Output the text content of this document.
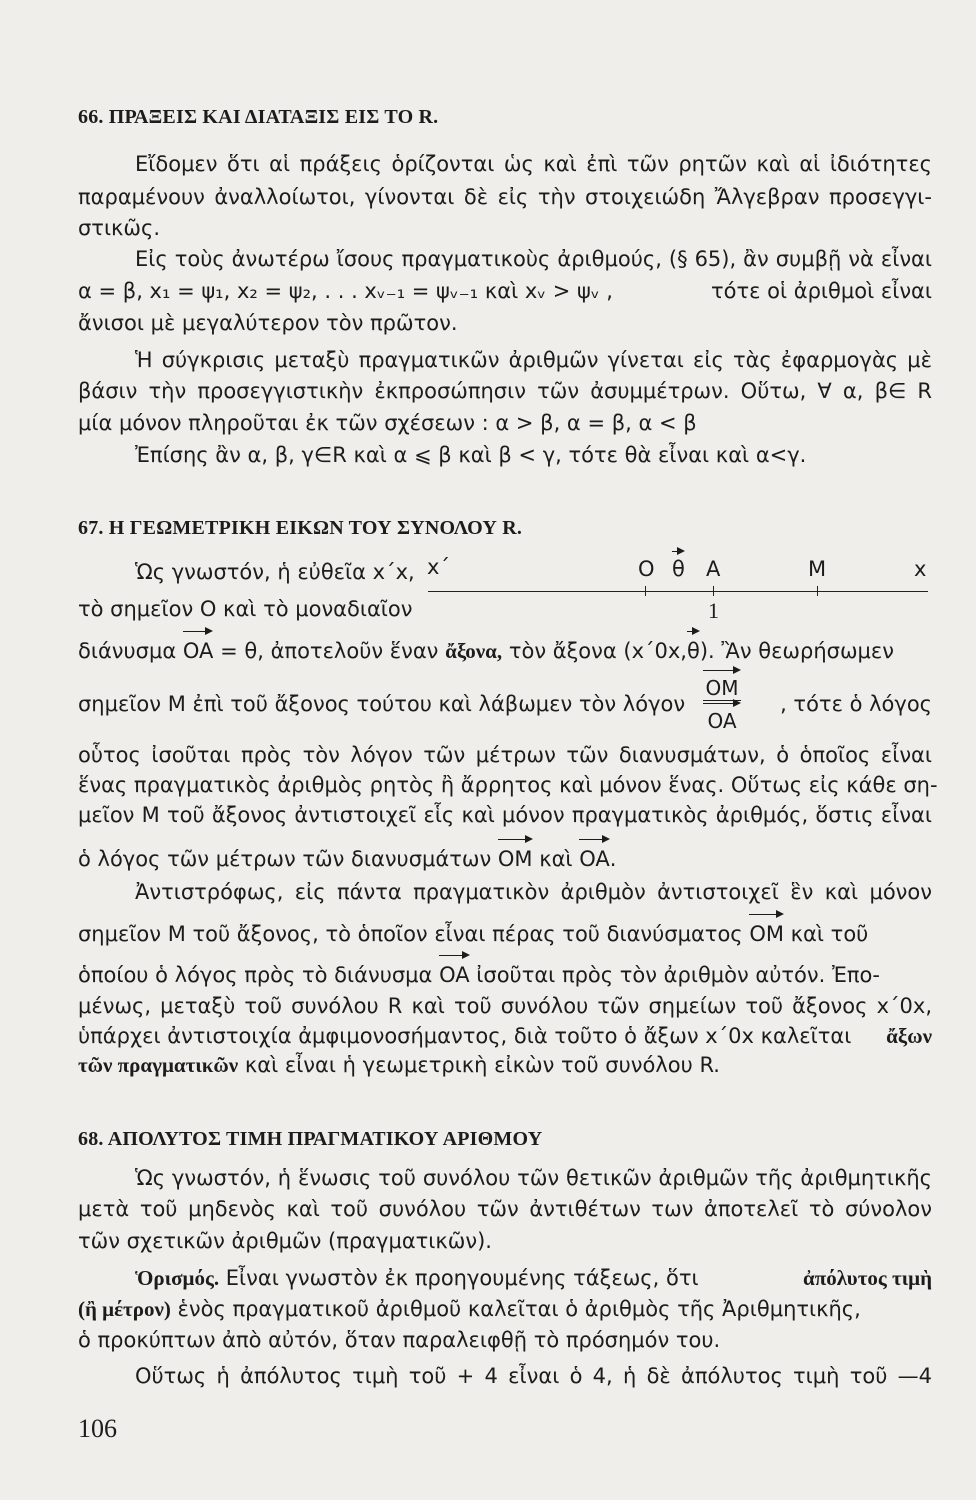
66. ΠΡΑΞΕΙΣ ΚΑΙ ΔΙΑΤΑΞΙΣ ΕΙΣ ΤΟ R.
Εἴδομεν ὅτι αἱ πράξεις ὁρίζονται ὡς καὶ ἐπὶ τῶν ρητῶν καὶ αἱ ἰδιότητες
παραμένουν ἀναλλοίωτοι, γίνονται δὲ εἰς τὴν στοιχειώδη Ἄλγεβραν προσεγγι-
στικῶς.
Εἰς τοὺς ἀνωτέρω ἴσους πραγματικοὺς ἀριθμούς, (§ 65), ἂν συμβῇ νὰ εἶναι
α = β, x₁ = ψ₁, x₂ = ψ₂, . . . xᵥ₋₁ = ψᵥ₋₁ καὶ xᵥ > ψᵥ ,	τότε οἱ ἀριθμοὶ εἶναι
ἄνισοι μὲ μεγαλύτερον τὸν πρῶτον.
Ἡ σύγκρισις μεταξὺ πραγματικῶν ἀριθμῶν γίνεται εἰς τὰς ἐφαρμογὰς μὲ
βάσιν τὴν προσεγγιστικὴν ἐκπροσώπησιν τῶν ἀσυμμέτρων. Οὕτω, ∀ α, β∈ R
μία μόνον πληροῦται ἐκ τῶν σχέσεων : α > β, α = β, α < β
Ἐπίσης ἂν α, β, γ∈R καὶ α ⩽ β καὶ β < γ, τότε θὰ εἶναι καὶ α<γ.
67. Η ΓΕΩΜΕΤΡΙΚΗ ΕΙΚΩΝ ΤΟΥ ΣΥΝΟΛΟΥ R.
Ὡς γνωστόν, ἡ εὐθεῖα x΄x, x΄	O θ A	M	x
1
τὸ σημεῖον O καὶ τὸ μοναδιαῖον
διάνυσμα OA = θ, ἀποτελοῦν ἕναν ἄξονα, τὸν ἄξονα (x΄0x,θ). Ἂν θεωρήσωμεν
σημεῖον M ἐπὶ τοῦ ἄξονος τούτου καὶ λάβωμεν τὸν λόγον
OM
OA
, τότε ὁ λόγος
οὗτος ἰσοῦται πρὸς τὸν λόγον τῶν μέτρων τῶν διανυσμάτων, ὁ ὁποῖος εἶναι
ἕνας πραγματικὸς ἀριθμὸς ρητὸς ἢ ἄρρητος καὶ μόνον ἕνας. Οὕτως εἰς κάθε ση-
μεῖον M τοῦ ἄξονος ἀντιστοιχεῖ εἷς καὶ μόνον πραγματικὸς ἀριθμός, ὅστις εἶναι
ὁ λόγος τῶν μέτρων τῶν διανυσμάτων OM καὶ OA.
Ἀντιστρόφως, εἰς πάντα πραγματικὸν ἀριθμὸν ἀντιστοιχεῖ ἓν καὶ μόνον
σημεῖον M τοῦ ἄξονος, τὸ ὁποῖον εἶναι πέρας τοῦ διανύσματος OM καὶ τοῦ
ὁποίου ὁ λόγος πρὸς τὸ διάνυσμα OA ἰσοῦται πρὸς τὸν ἀριθμὸν αὐτόν. Ἐπο-
μένως, μεταξὺ τοῦ συνόλου R καὶ τοῦ συνόλου τῶν σημείων τοῦ ἄξονος x΄0x,
ὑπάρχει ἀντιστοιχία ἀμφιμονοσήμαντος, διὰ τοῦτο ὁ ἄξων x΄0x καλεῖται ἄξων
τῶν πραγματικῶν καὶ εἶναι ἡ γεωμετρικὴ εἰκὼν τοῦ συνόλου R.
68. ΑΠΟΛΥΤΟΣ ΤΙΜΗ ΠΡΑΓΜΑΤΙΚΟΥ ΑΡΙΘΜΟΥ
Ὡς γνωστόν, ἡ ἕνωσις τοῦ συνόλου τῶν θετικῶν ἀριθμῶν τῆς ἀριθμητικῆς
μετὰ τοῦ μηδενὸς καὶ τοῦ συνόλου τῶν ἀντιθέτων των ἀποτελεῖ τὸ σύνολον
τῶν σχετικῶν ἀριθμῶν (πραγματικῶν).
Ὁρισμός. Εἶναι γνωστὸν ἐκ προηγουμένης τάξεως, ὅτι	ἀπόλυτος τιμὴ
(ἢ μέτρον) ἑνὸς πραγματικοῦ ἀριθμοῦ καλεῖται ὁ ἀριθμὸς τῆς Ἀριθμητικῆς,
ὁ προκύπτων ἀπὸ αὐτόν, ὅταν παραλειφθῇ τὸ πρόσημόν του.
Οὕτως ἡ ἀπόλυτος τιμὴ τοῦ + 4 εἶναι ὁ 4, ἡ δὲ ἀπόλυτος τιμὴ τοῦ —4
106
